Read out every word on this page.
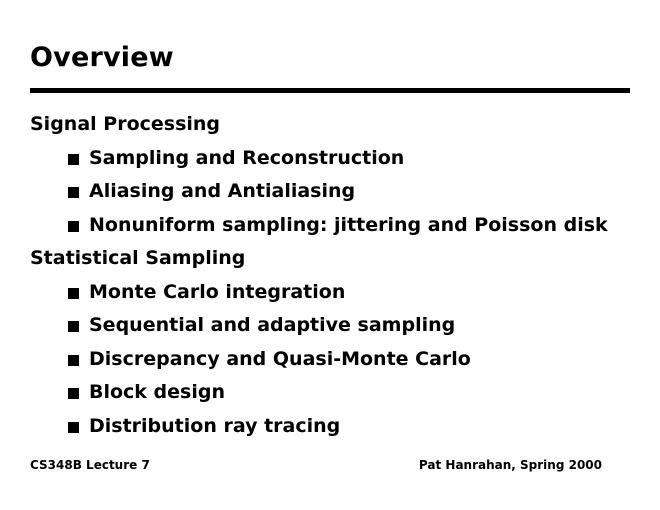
Overview
Signal Processing
Sampling and Reconstruction
Aliasing and Antialiasing
Nonuniform sampling: jittering and Poisson disk
Statistical Sampling
Monte Carlo integration
Sequential and adaptive sampling
Discrepancy and Quasi-Monte Carlo
Block design
Distribution ray tracing
CS348B Lecture 7	Pat Hanrahan, Spring 2000
